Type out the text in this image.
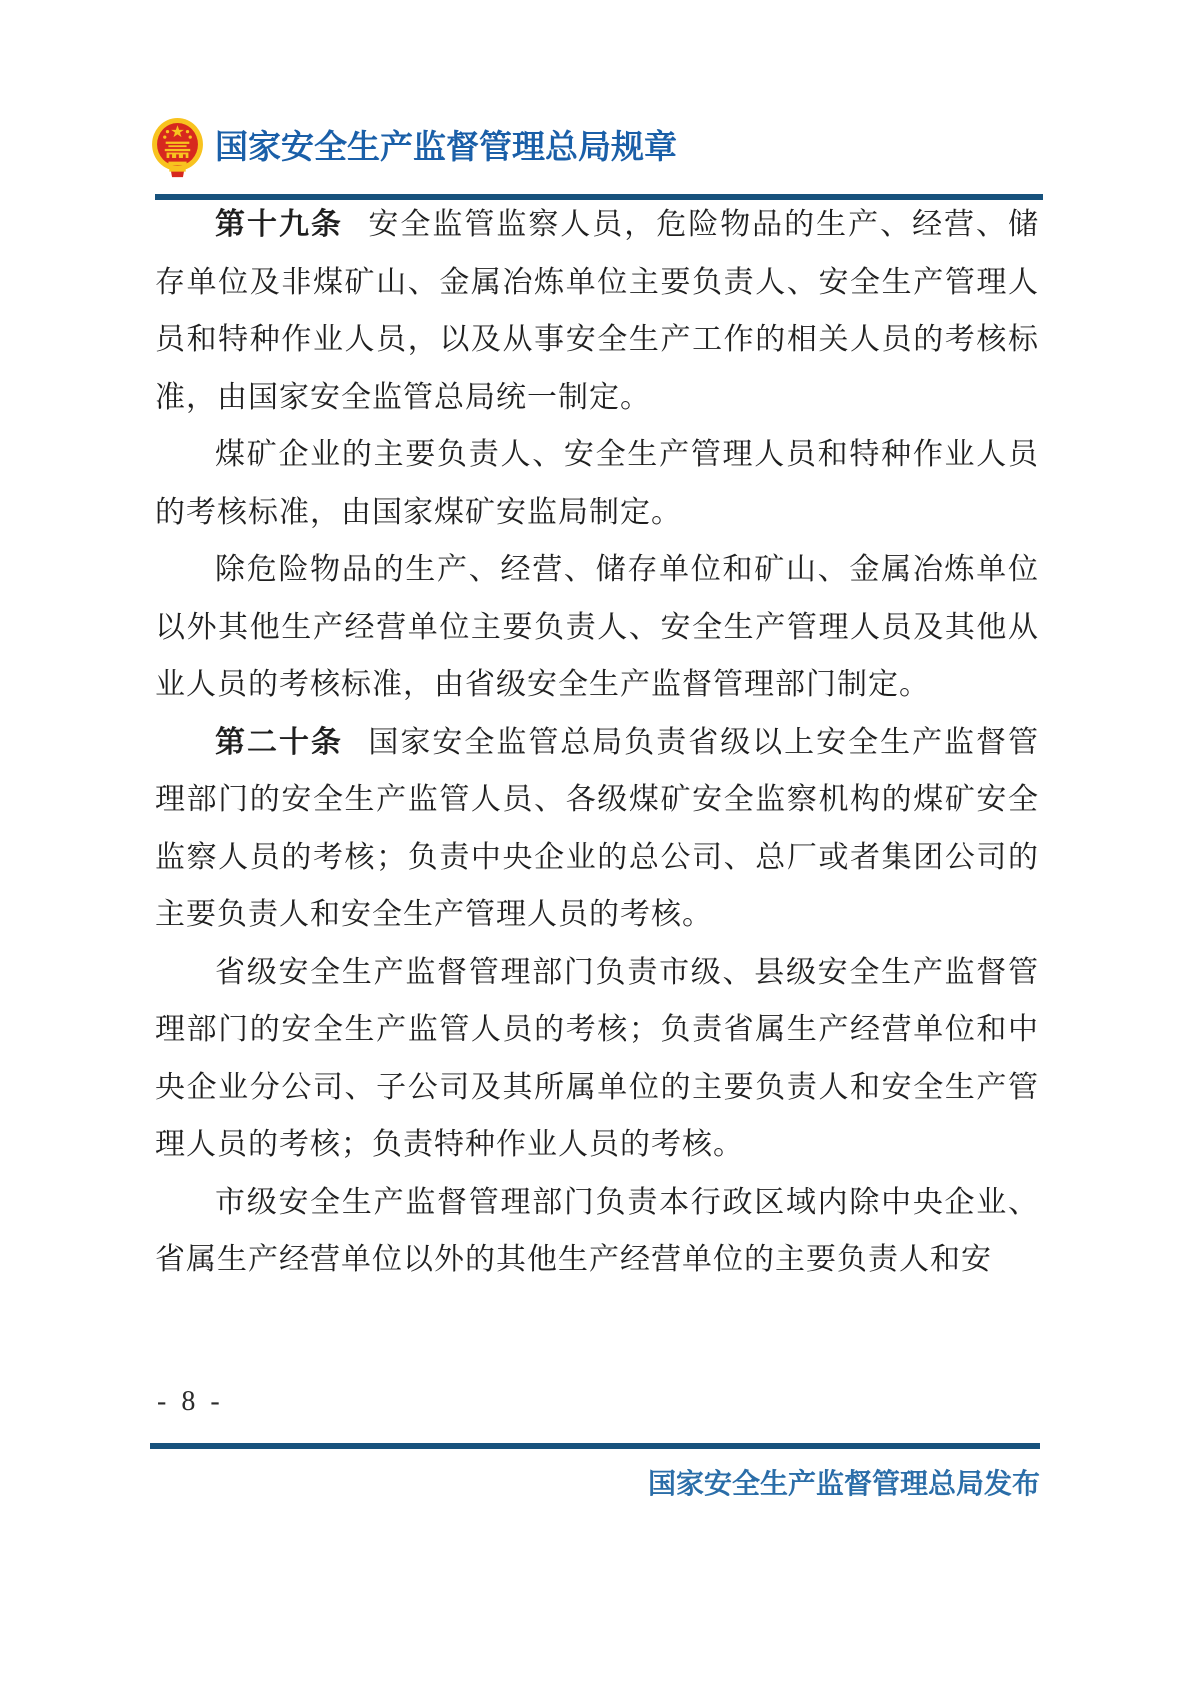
国家安全生产监督管理总局规章

第十九条 安全监管监察人员，危险物品的生产、经营、储存单位及非煤矿山、金属冶炼单位主要负责人、安全生产管理人员和特种作业人员，以及从事安全生产工作的相关人员的考核标准，由国家安全监管总局统一制定。

煤矿企业的主要负责人、安全生产管理人员和特种作业人员的考核标准，由国家煤矿安监局制定。

除危险物品的生产、经营、储存单位和矿山、金属冶炼单位以外其他生产经营单位主要负责人、安全生产管理人员及其他从业人员的考核标准，由省级安全生产监督管理部门制定。

第二十条 国家安全监管总局负责省级以上安全生产监督管理部门的安全生产监管人员、各级煤矿安全监察机构的煤矿安全监察人员的考核；负责中央企业的总公司、总厂或者集团公司的主要负责人和安全生产管理人员的考核。

省级安全生产监督管理部门负责市级、县级安全生产监督管理部门的安全生产监管人员的考核；负责省属生产经营单位和中央企业分公司、子公司及其所属单位的主要负责人和安全生产管理人员的考核；负责特种作业人员的考核。

市级安全生产监督管理部门负责本行政区域内除中央企业、省属生产经营单位以外的其他生产经营单位的主要负责人和安

- 8 -
国家安全生产监督管理总局发布
